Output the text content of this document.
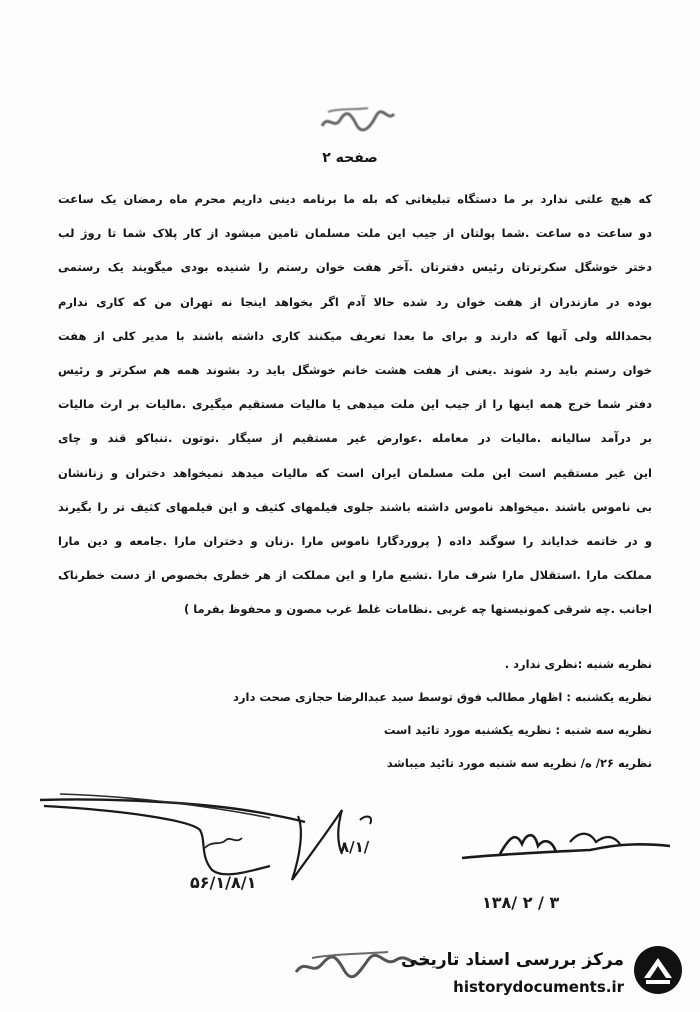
صفحه ۲
که هیچ علتی ندارد بر ما دستگاه تبلیغاتی که بله ما برنامه دینی داریم محرم ماه رمضان یک ساعت
دو ساعت ده ساعت .شما پولتان از جیب این ملت مسلمان تامین میشود از کار پلاک شما تا روژ لب
دختر خوشگل سکرترتان رئیس دفترتان .آخر هفت خوان رستم را شنیده بودی میگویند یک رستمی
بوده در مازندران از هفت خوان رد شده حالا آدم اگر بخواهد اینجا نه تهران من که کاری ندارم
بحمدالله ولی آنها که دارند و برای ما بعدا تعریف میکنند کاری داشته باشند با مدیر کلی از هفت
خوان رستم باید رد شوند .یعنی از هفت هشت خانم خوشگل باید رد بشوند همه هم سکرتر و رئیس
دفتر شما خرج همه اینها را از جیب این ملت میدهی یا مالیات مستقیم میگیری .مالیات بر ارث مالیات
بر درآمد سالیانه .مالیات در معامله .عوارض غیر مستقیم از سیگار .توتون .تنباکو قند و چای
این غیر مستقیم است این ملت مسلمان ایران است که مالیات میدهد نمیخواهد دختران و زنانشان
بی ناموس باشند .میخواهد ناموس داشته باشند جلوی فیلمهای کثیف و این فیلمهای کثیف تر را بگیرند
و در خاتمه خدایاند را سوگند داده ( پروردگارا ناموس مارا .زنان و دختران مارا .جامعه و دین مارا
مملکت مارا .استقلال مارا شرف مارا .تشیع مارا و این مملکت از هر خطری بخصوص از دست خطرناک
اجانب .چه شرقی کمونیستها چه غربی .نظامات غلط غرب مصون و محفوظ بفرما )
نظریه شنبه :نظری ندارد .
نظریه یکشنبه : اظهار مطالب فوق توسط سید عبدالرضا حجازی صحت دارد
نظریه سه شنبه : نظریه یکشنبه مورد تائید است
نظریه ۲۶/ ه/ نظریه سه شنبه مورد تائید میباشد
۵۶/۱/۸/۱
۸/۱/
۱۳۸/ ۲ / ۳
مرکز بررسی اسناد تاریخی
historydocuments.ir
